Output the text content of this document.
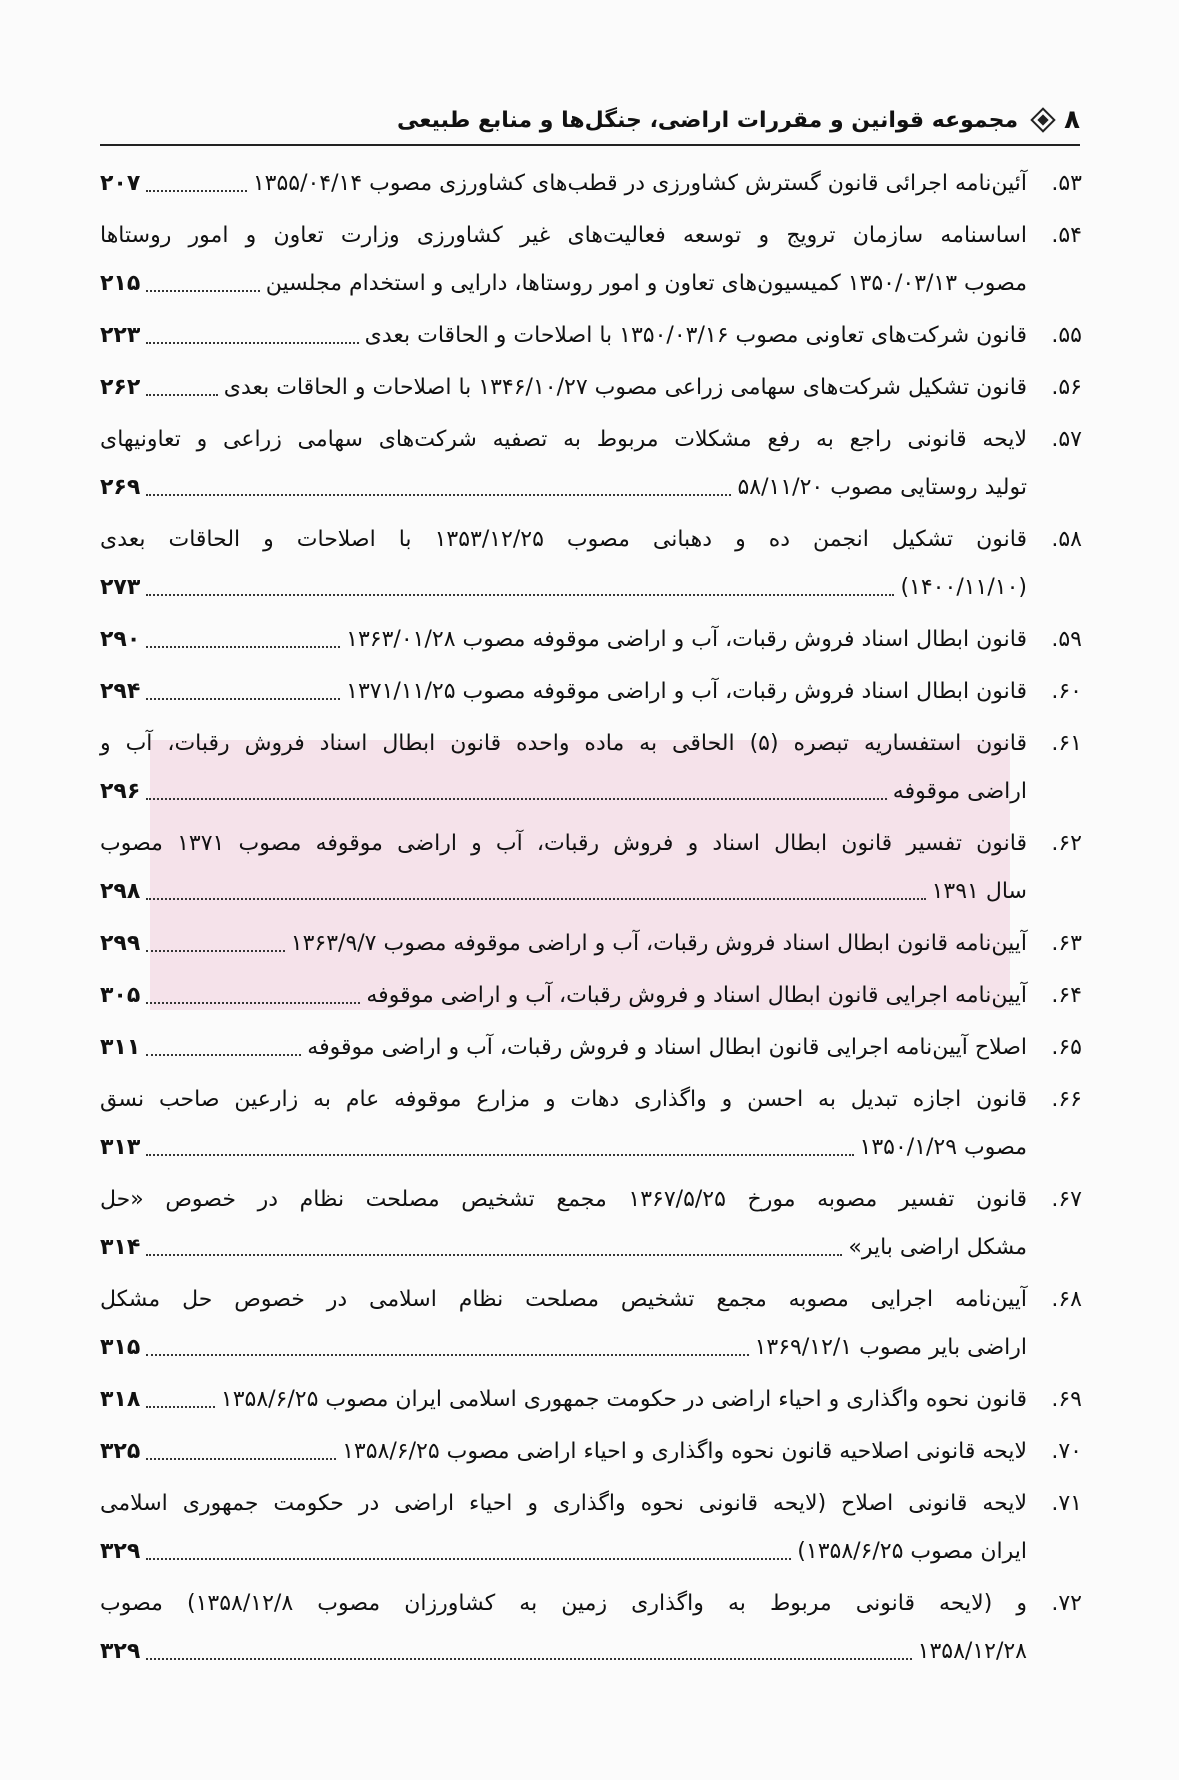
۸
مجموعه قوانین و مقررات اراضی، جنگل‌ها و منابع طبیعی
۵۳.
آئین‌نامه اجرائی قانون گسترش کشاورزی در قطب‌های کشاورزی مصوب ۱۳۵۵/۰۴/۱۴
۲۰۷
۵۴.
اساسنامه سازمان ترویج و توسعه فعالیت‌های غیر کشاورزی وزارت تعاون و امور روستاها
مصوب ۱۳۵۰/۰۳/۱۳ کمیسیون‌های تعاون و امور روستاها، دارایی و استخدام مجلسین
۲۱۵
۵۵.
قانون شرکت‌های تعاونی مصوب ۱۳۵۰/۰۳/۱۶ با اصلاحات و الحاقات بعدی
۲۲۳
۵۶.
قانون تشکیل شرکت‌های سهامی زراعی مصوب ۱۳۴۶/۱۰/۲۷ با اصلاحات و الحاقات بعدی
۲۶۲
۵۷.
لایحه قانونی راجع به رفع مشکلات مربوط به تصفیه شرکت‌های سهامی زراعی و تعاونیهای
تولید روستایی مصوب ۵۸/۱۱/۲۰
۲۶۹
۵۸.
قانون تشکیل انجمن ده و دهبانی مصوب ۱۳۵۳/۱۲/۲۵ با اصلاحات و الحاقات بعدی
(۱۴۰۰/۱۱/۱۰)
۲۷۳
۵۹.
قانون ابطال اسناد فروش رقبات، آب و اراضی موقوفه مصوب ۱۳۶۳/۰۱/۲۸
۲۹۰
۶۰.
قانون ابطال اسناد فروش رقبات، آب و اراضی موقوفه مصوب ۱۳۷۱/۱۱/۲۵
۲۹۴
۶۱.
قانون استفساریه تبصره (۵) الحاقی به ماده واحده قانون ابطال اسناد فروش رقبات، آب و
اراضی موقوفه
۲۹۶
۶۲.
قانون تفسیر قانون ابطال اسناد و فروش رقبات، آب و اراضی موقوفه مصوب ۱۳۷۱ مصوب
سال ۱۳۹۱
۲۹۸
۶۳.
آیین‌نامه قانون ابطال اسناد فروش رقبات، آب و اراضی موقوفه مصوب ۱۳۶۳/۹/۷
۲۹۹
۶۴.
آیین‌نامه اجرایی قانون ابطال اسناد و فروش رقبات، آب و اراضی موقوفه
۳۰۵
۶۵.
اصلاح آیین‌نامه اجرایی قانون ابطال اسناد و فروش رقبات، آب و اراضی موقوفه
۳۱۱
۶۶.
قانون اجازه تبدیل به احسن و واگذاری دهات و مزارع موقوفه عام به زارعین صاحب نسق
مصوب ۱۳۵۰/۱/۲۹
۳۱۳
۶۷.
قانون تفسیر مصوبه مورخ ۱۳۶۷/۵/۲۵ مجمع تشخیص مصلحت نظام در خصوص «حل
مشکل اراضی بایر»
۳۱۴
۶۸.
آیین‌نامه اجرایی مصوبه مجمع تشخیص مصلحت نظام اسلامی در خصوص حل مشکل
اراضی بایر مصوب ۱۳۶۹/۱۲/۱
۳۱۵
۶۹.
قانون نحوه واگذاری و احیاء اراضی در حکومت جمهوری اسلامی ایران مصوب ۱۳۵۸/۶/۲۵
۳۱۸
۷۰.
لایحه قانونی اصلاحیه قانون نحوه واگذاری و احیاء اراضی مصوب ۱۳۵۸/۶/۲۵
۳۲۵
۷۱.
لایحه قانونی اصلاح (لایحه قانونی نحوه واگذاری و احیاء اراضی در حکومت جمهوری اسلامی
ایران مصوب ۱۳۵۸/۶/۲۵)
۳۲۹
۷۲.
و (لایحه قانونی مربوط به واگذاری زمین به کشاورزان مصوب ۱۳۵۸/۱۲/۸) مصوب
۱۳۵۸/۱۲/۲۸
۳۲۹
